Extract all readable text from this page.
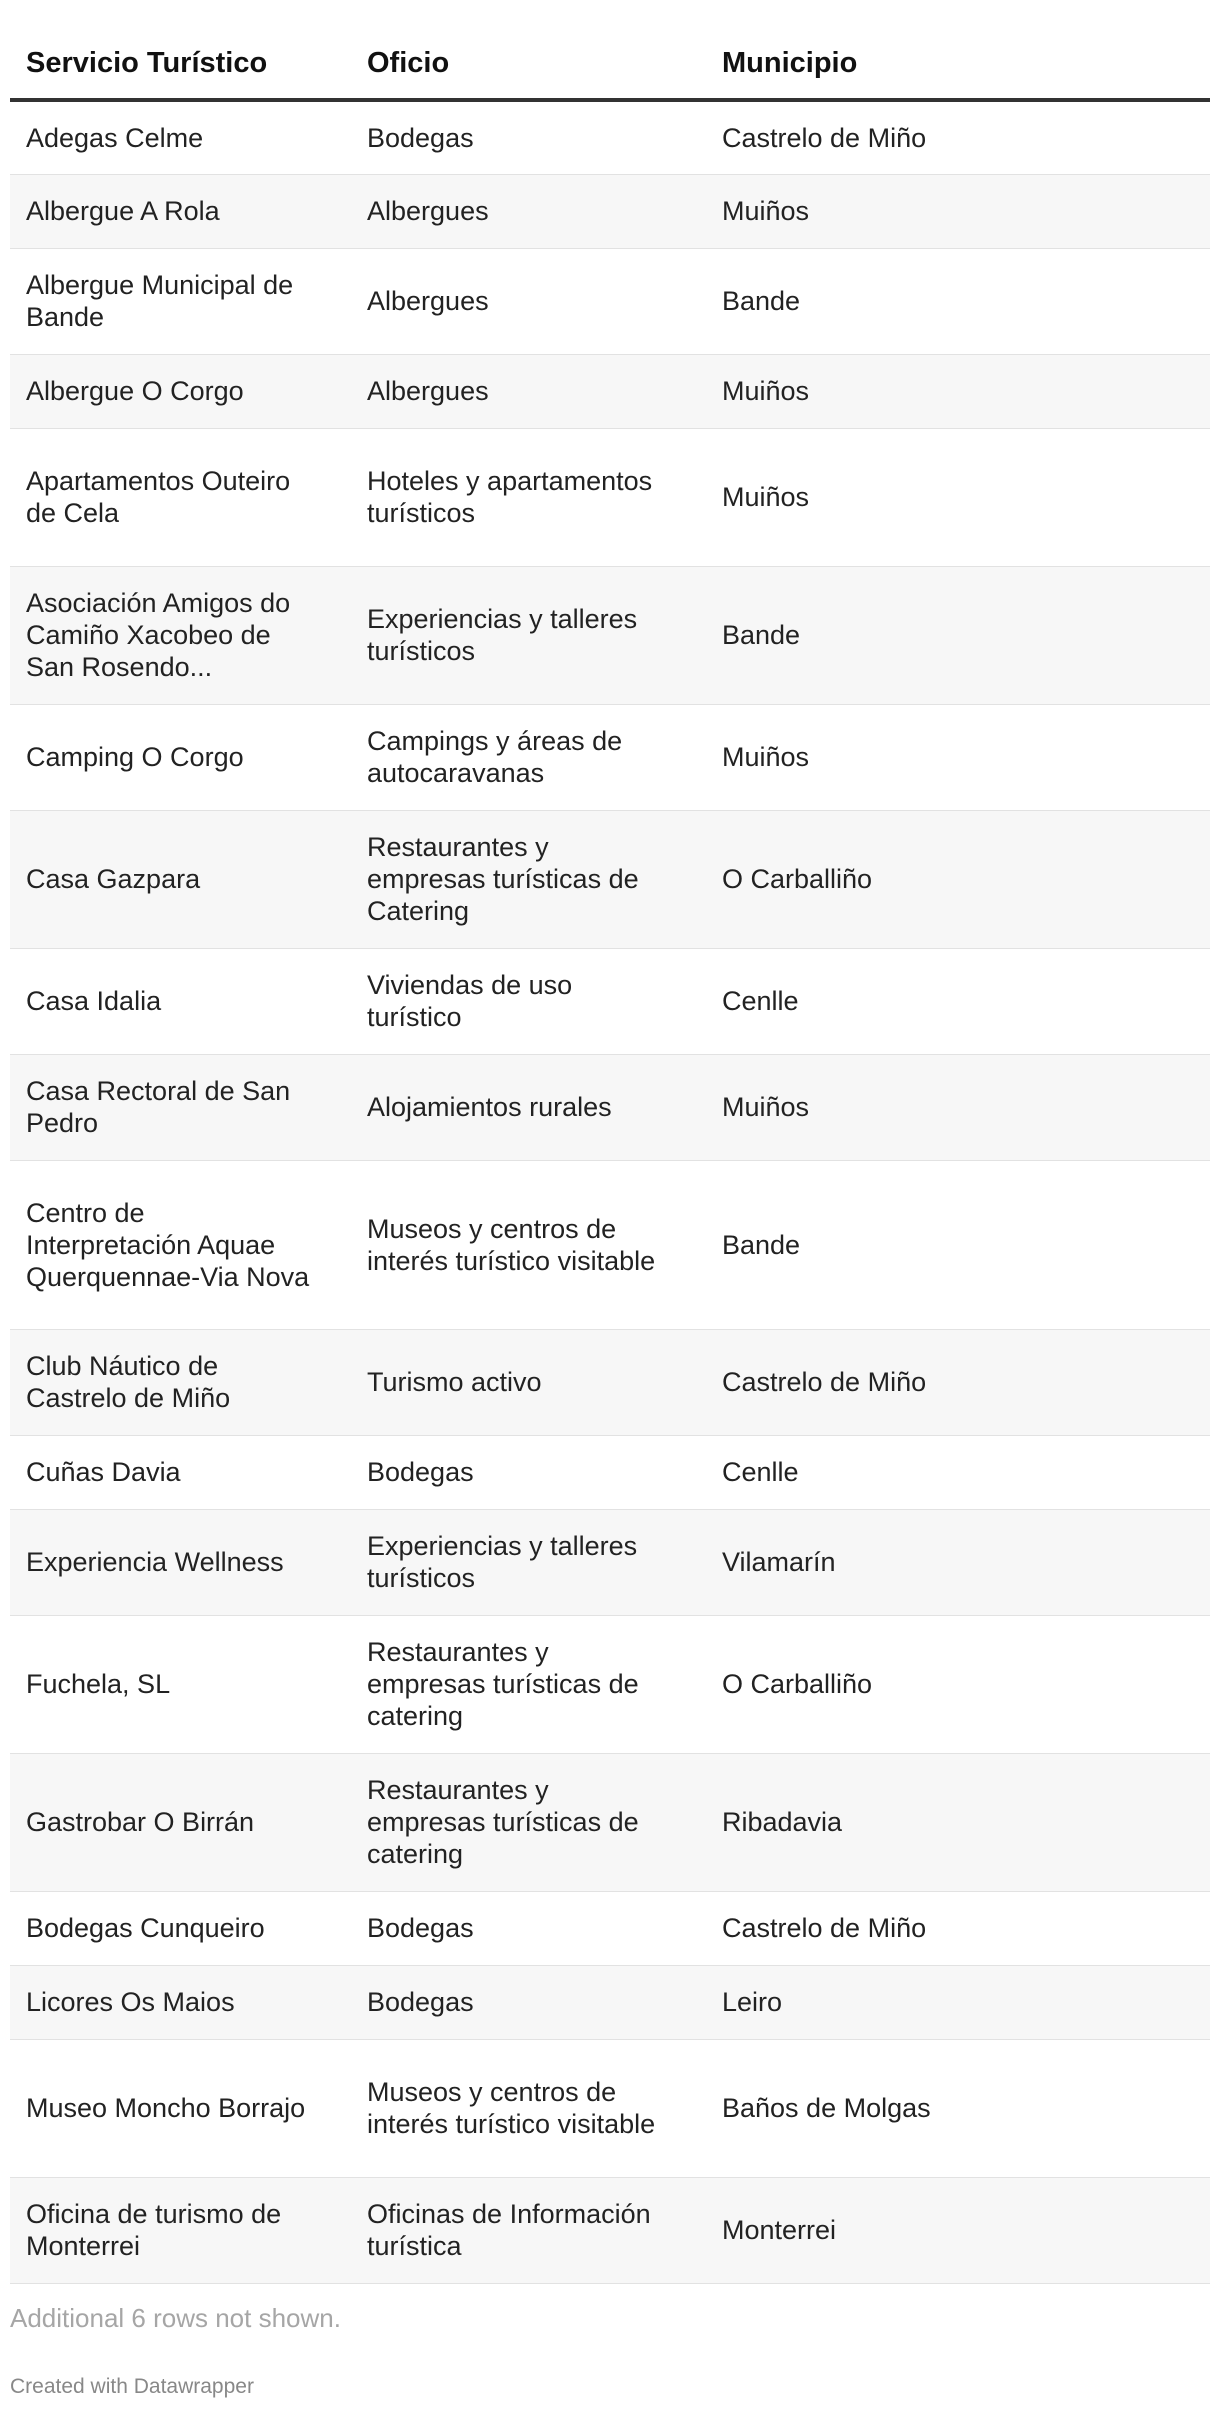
Servicio Turístico	Oficio	Municipio

Adegas Celme	Bodegas	Castrelo de Miño

Albergue A Rola	Albergues	Muiños

Albergue Municipal de Bande	Albergues	Bande

Albergue O Corgo	Albergues	Muiños

Apartamentos Outeiro de Cela	Hoteles y apartamentos turísticos	Muiños

Asociación Amigos do Camiño Xacobeo de San Rosendo...	Experiencias y talleres turísticos	Bande

Camping O Corgo	Campings y áreas de autocaravanas	Muiños

Casa Gazpara	Restaurantes y empresas turísticas de Catering	O Carballiño

Casa Idalia	Viviendas de uso turístico	Cenlle

Casa Rectoral de San Pedro	Alojamientos rurales	Muiños

Centro de Interpretación Aquae Querquennae-Via Nova	Museos y centros de interés turístico visitable	Bande

Club Náutico de Castrelo de Miño	Turismo activo	Castrelo de Miño

Cuñas Davia	Bodegas	Cenlle

Experiencia Wellness	Experiencias y talleres turísticos	Vilamarín

Fuchela, SL	Restaurantes y empresas turísticas de catering	O Carballiño

Gastrobar O Birrán	Restaurantes y empresas turísticas de catering	Ribadavia

Bodegas Cunqueiro	Bodegas	Castrelo de Miño

Licores Os Maios	Bodegas	Leiro

Museo Moncho Borrajo	Museos y centros de interés turístico visitable	Baños de Molgas

Oficina de turismo de Monterrei	Oficinas de Información turística	Monterrei
Additional 6 rows not shown.
Created with Datawrapper
